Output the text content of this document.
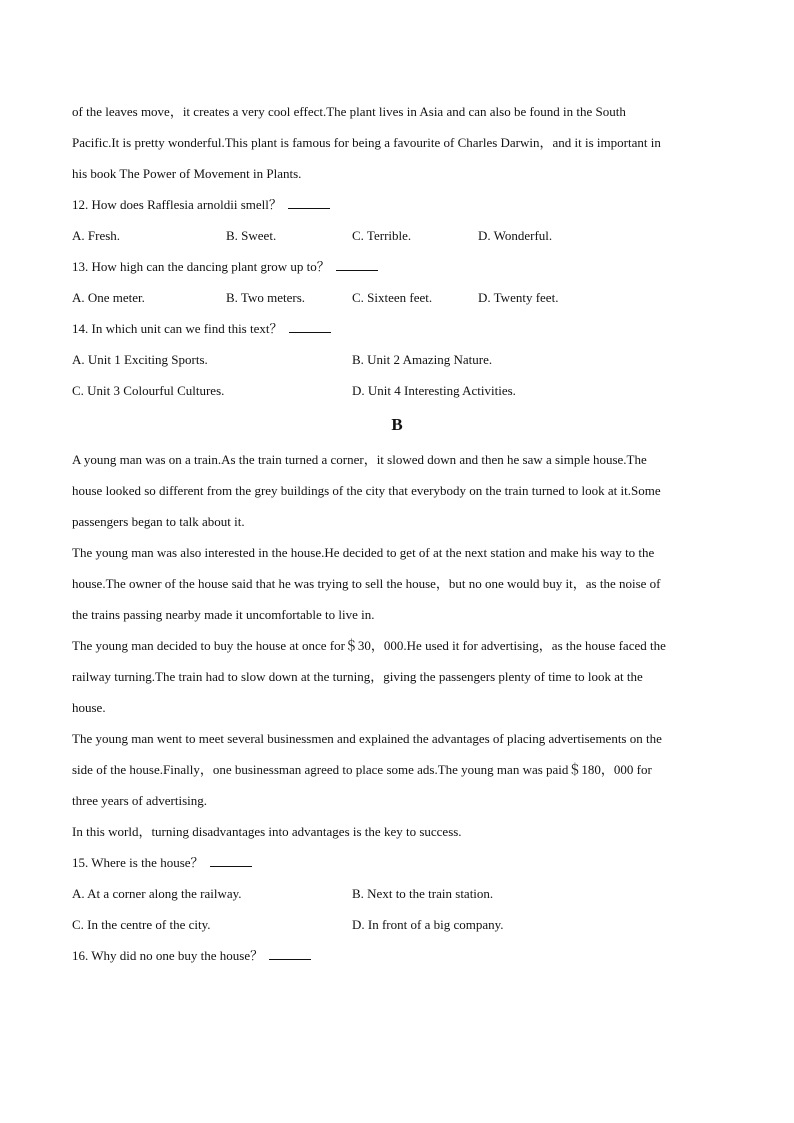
of the leaves move，it creates a very cool effect.The plant lives in Asia and can also be found in the South
Pacific.It is pretty wonderful.This plant is famous for being a favourite of Charles Darwin，and it is important in
his book The Power of Movement in Plants.
12. How does Rafflesia arnoldii smell？
A. Fresh.	B. Sweet.	C. Terrible.	D. Wonderful.
13. How high can the dancing plant grow up to？
A. One meter.	B. Two meters.	C. Sixteen feet.	D. Twenty feet.
14. In which unit can we find this text？
A. Unit 1 Exciting Sports.	B. Unit 2 Amazing Nature.
C. Unit 3 Colourful Cultures.	D. Unit 4 Interesting Activities.
B
A young man was on a train.As the train turned a corner，it slowed down and then he saw a simple house.The
house looked so different from the grey buildings of the city that everybody on the train turned to look at it.Some
passengers began to talk about it.
The young man was also interested in the house.He decided to get of at the next station and make his way to the
house.The owner of the house said that he was trying to sell the house，but no one would buy it，as the noise of
the trains passing nearby made it uncomfortable to live in.
The young man decided to buy the house at once for＄30，000.He used it for advertising，as the house faced the
railway turning.The train had to slow down at the turning，giving the passengers plenty of time to look at the
house.
The young man went to meet several businessmen and explained the advantages of placing advertisements on the
side of the house.Finally，one businessman agreed to place some ads.The young man was paid＄180，000 for
three years of advertising.
In this world，turning disadvantages into advantages is the key to success.
15. Where is the house？
A. At a corner along the railway.	B. Next to the train station.
C. In the centre of the city.	D. In front of a big company.
16. Why did no one buy the house？
